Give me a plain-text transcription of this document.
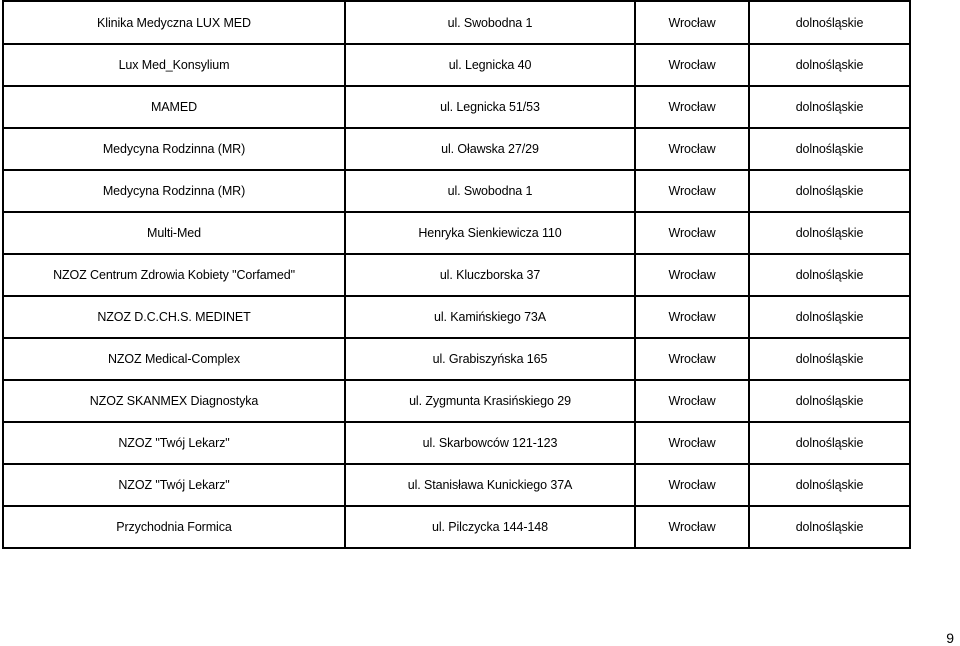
Klinika Medyczna LUX MED	ul. Swobodna 1	Wrocław	dolnośląskie
Lux Med_Konsylium	ul. Legnicka 40	Wrocław	dolnośląskie
MAMED	ul. Legnicka 51/53	Wrocław	dolnośląskie
Medycyna Rodzinna (MR)	ul. Oławska 27/29	Wrocław	dolnośląskie
Medycyna Rodzinna (MR)	ul. Swobodna 1	Wrocław	dolnośląskie
Multi-Med	Henryka Sienkiewicza 110	Wrocław	dolnośląskie
NZOZ Centrum Zdrowia Kobiety "Corfamed"	ul. Kluczborska 37	Wrocław	dolnośląskie
NZOZ D.C.CH.S. MEDINET	ul. Kamińskiego 73A	Wrocław	dolnośląskie
NZOZ Medical-Complex	ul. Grabiszyńska 165	Wrocław	dolnośląskie
NZOZ SKANMEX Diagnostyka	ul. Zygmunta Krasińskiego 29	Wrocław	dolnośląskie
NZOZ "Twój Lekarz"	ul. Skarbowców 121-123	Wrocław	dolnośląskie
NZOZ "Twój Lekarz"	ul. Stanisława Kunickiego 37A	Wrocław	dolnośląskie
Przychodnia Formica	ul. Pilczycka 144-148	Wrocław	dolnośląskie
9
